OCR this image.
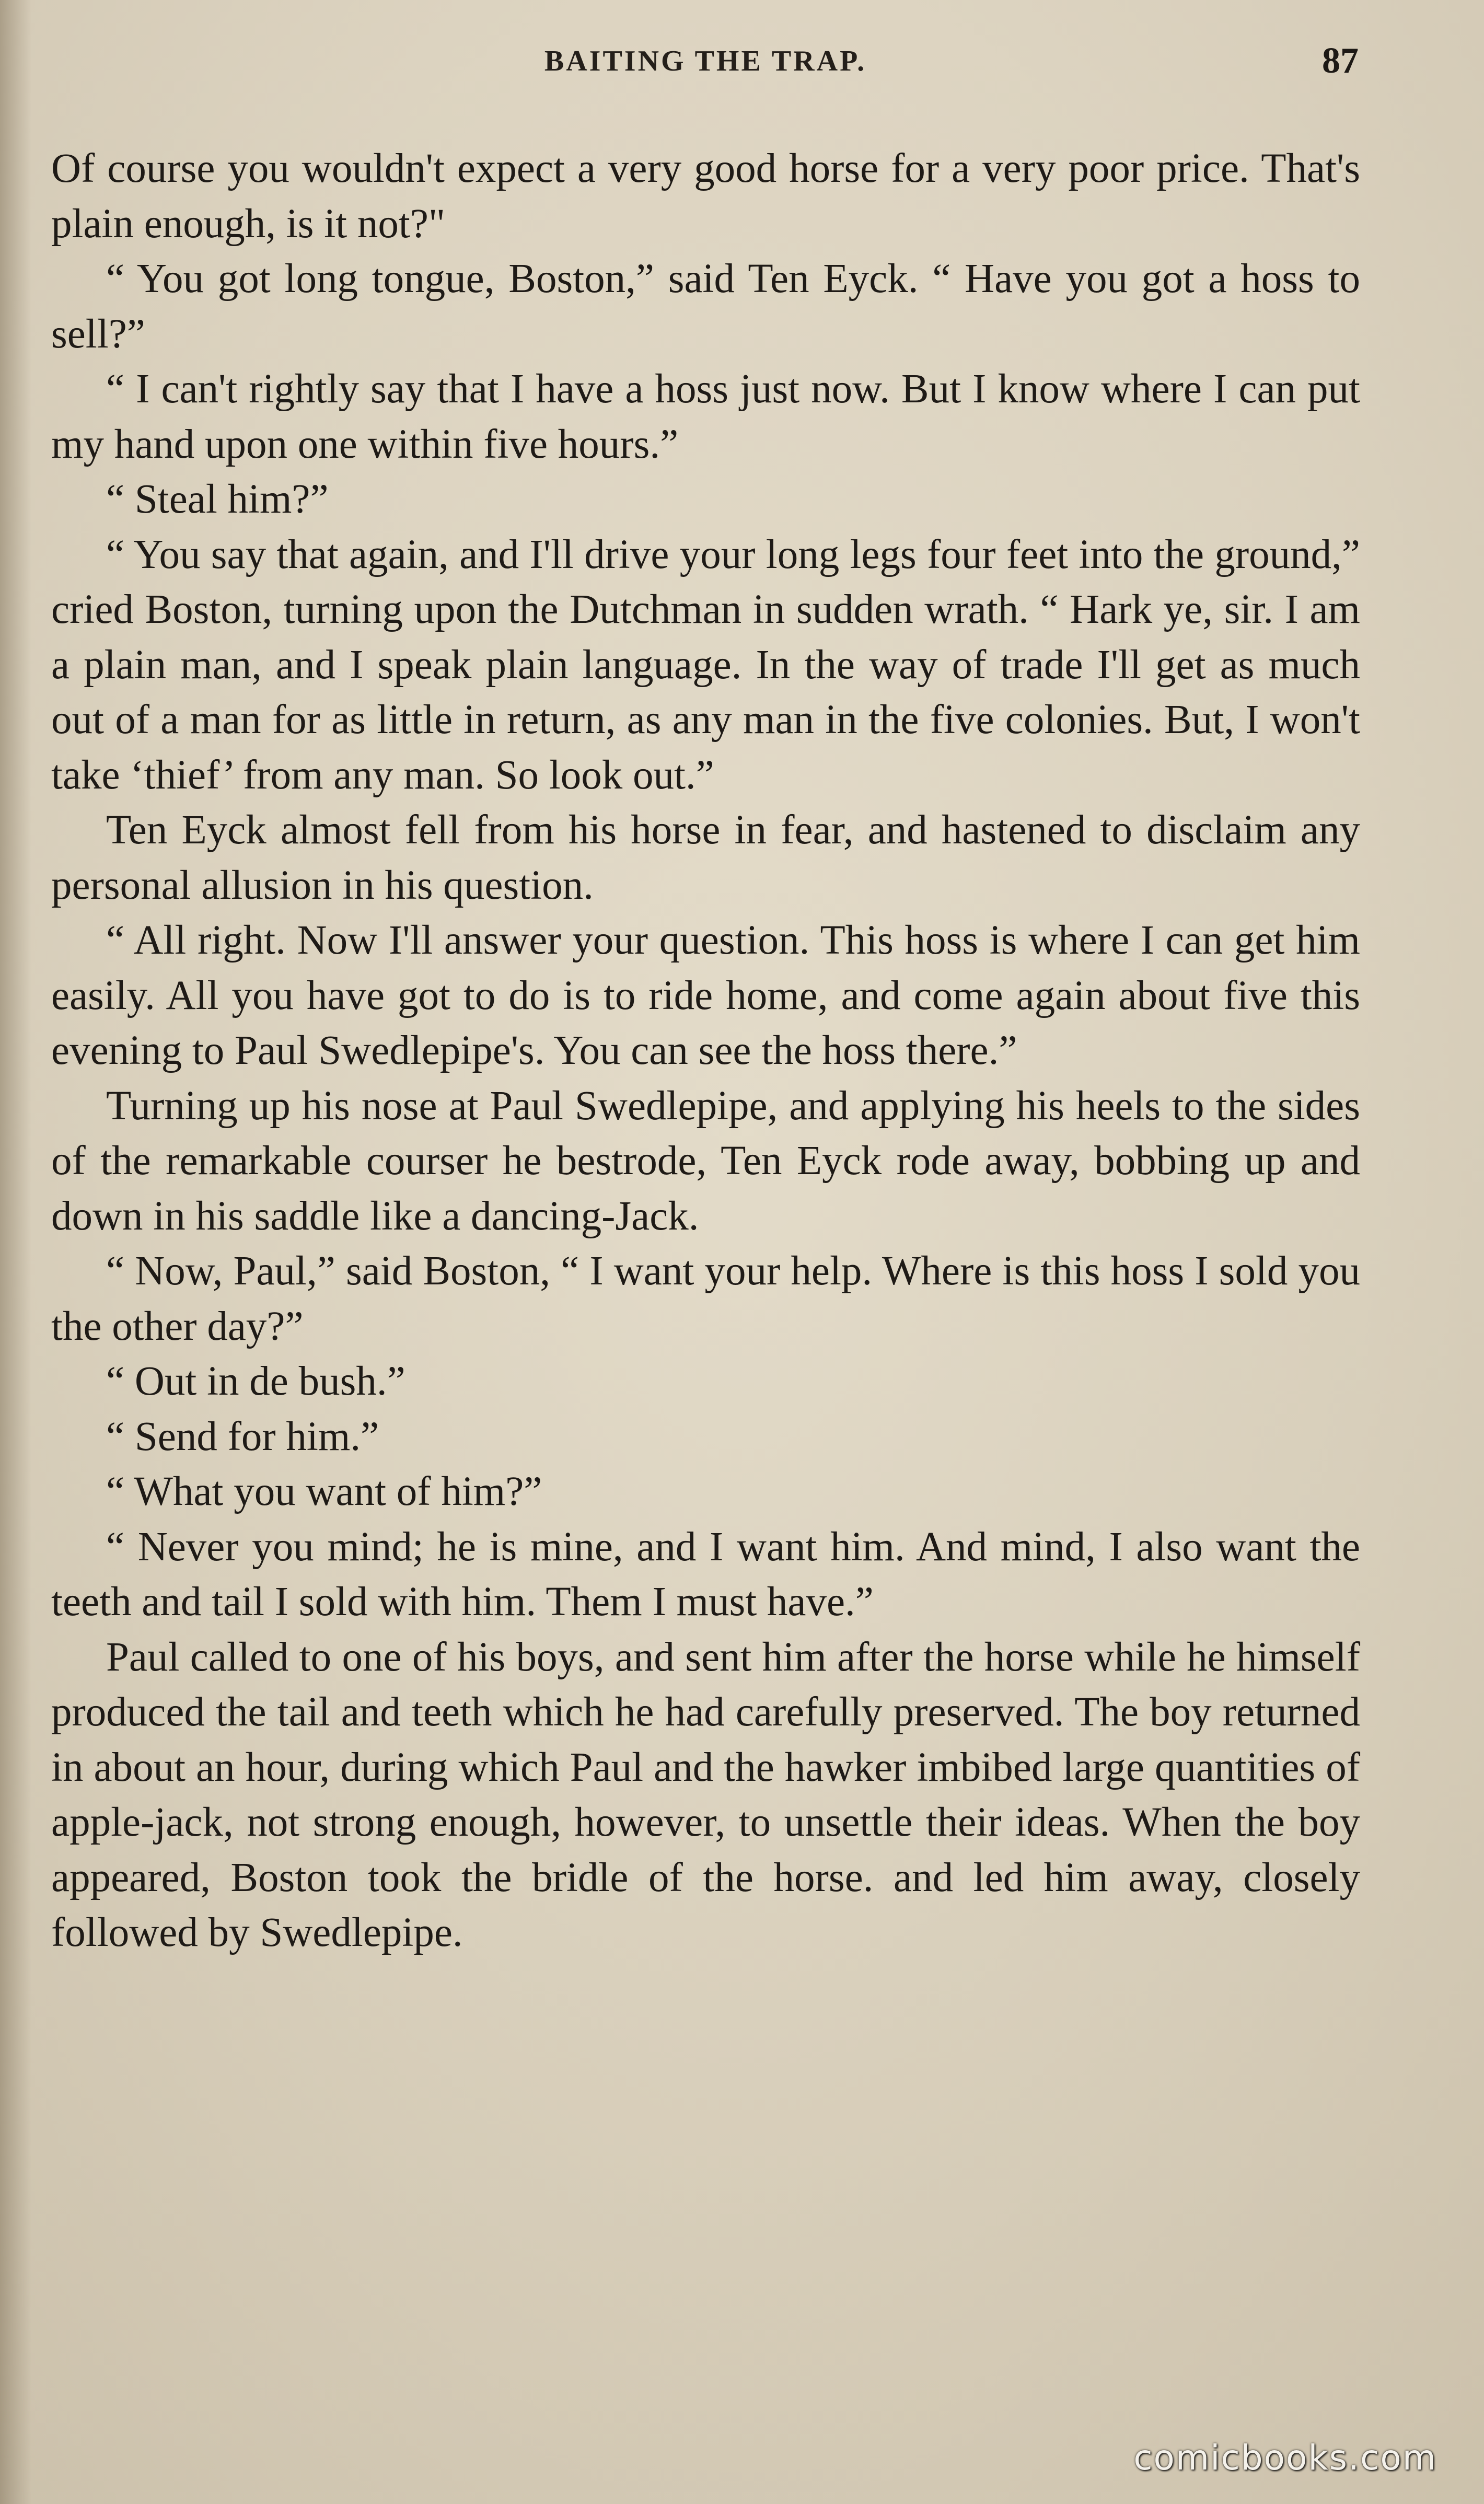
BAITING THE TRAP.	87

Of course you wouldn't expect a very good horse for a very poor price. That's plain enough, is it not?"

“ You got long tongue, Boston,” said Ten Eyck. “ Have you got a hoss to sell?”

“ I can't rightly say that I have a hoss just now. But I know where I can put my hand upon one within five hours.”

“ Steal him?”

“ You say that again, and I'll drive your long legs four feet into the ground,” cried Boston, turning upon the Dutchman in sudden wrath. “ Hark ye, sir. I am a plain man, and I speak plain language. In the way of trade I'll get as much out of a man for as little in return, as any man in the five colonies. But, I won't take ‘thief’ from any man. So look out.”

Ten Eyck almost fell from his horse in fear, and hastened to disclaim any personal allusion in his question.

“ All right. Now I'll answer your question. This hoss is where I can get him easily. All you have got to do is to ride home, and come again about five this evening to Paul Swedlepipe's. You can see the hoss there.”

Turning up his nose at Paul Swedlepipe, and applying his heels to the sides of the remarkable courser he bestrode, Ten Eyck rode away, bobbing up and down in his saddle like a dancing-Jack.

“ Now, Paul,” said Boston, “ I want your help. Where is this hoss I sold you the other day?”

“ Out in de bush.”

“ Send for him.”

“ What you want of him?”

“ Never you mind; he is mine, and I want him. And mind, I also want the teeth and tail I sold with him. Them I must have.”

Paul called to one of his boys, and sent him after the horse while he himself produced the tail and teeth which he had carefully preserved. The boy returned in about an hour, during which Paul and the hawker imbibed large quantities of apple-jack, not strong enough, however, to unsettle their ideas. When the boy appeared, Boston took the bridle of the horse. and led him away, closely followed by Swedlepipe.

comicbooks.com
